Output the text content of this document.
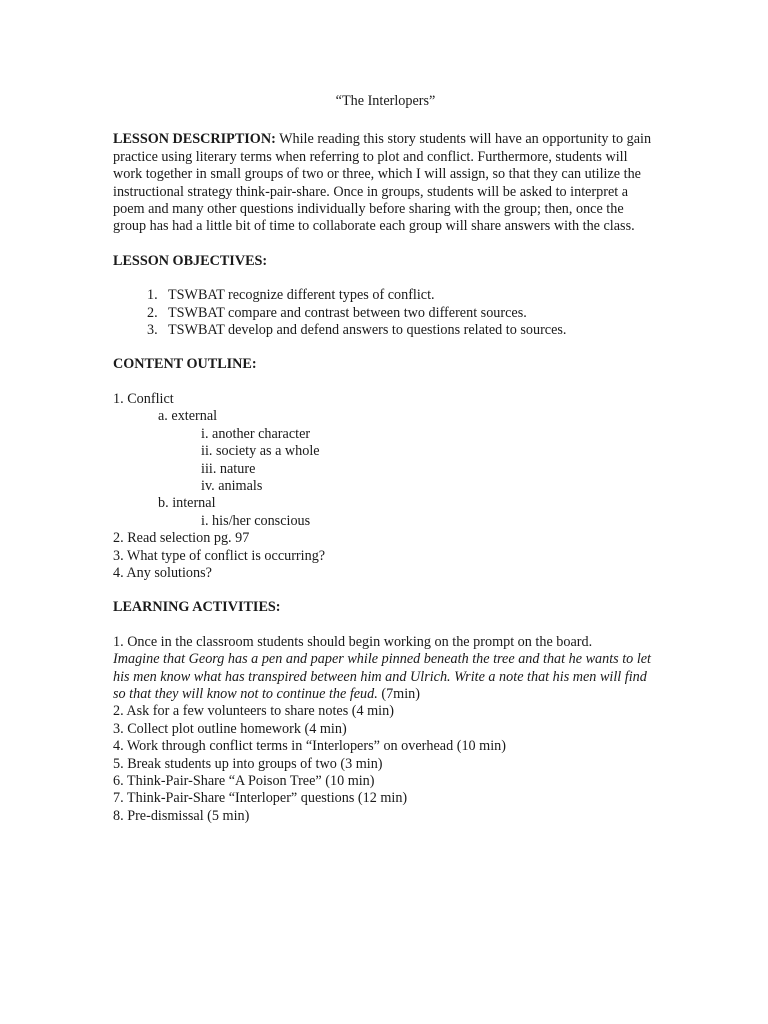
“The Interlopers”

LESSON DESCRIPTION: While reading this story students will have an opportunity to gain practice using literary terms when referring to plot and conflict. Furthermore, students will work together in small groups of two or three, which I will assign, so that they can utilize the instructional strategy think-pair-share. Once in groups, students will be asked to interpret a poem and many other questions individually before sharing with the group; then, once the group has had a little bit of time to collaborate each group will share answers with the class.

LESSON OBJECTIVES:
1. TSWBAT recognize different types of conflict.
2. TSWBAT compare and contrast between two different sources.
3. TSWBAT develop and defend answers to questions related to sources.
CONTENT OUTLINE:
1. Conflict
a. external
i. another character
ii. society as a whole
iii. nature
iv. animals
b. internal
i. his/her conscious
2. Read selection pg. 97
3. What type of conflict is occurring?
4. Any solutions?
LEARNING ACTIVITIES:
1. Once in the classroom students should begin working on the prompt on the board.
Imagine that Georg has a pen and paper while pinned beneath the tree and that he wants to let his men know what has transpired between him and Ulrich. Write a note that his men will find so that they will know not to continue the feud. (7min)
2. Ask for a few volunteers to share notes (4 min)
3. Collect plot outline homework (4 min)
4. Work through conflict terms in “Interlopers” on overhead (10 min)
5. Break students up into groups of two (3 min)
6. Think-Pair-Share “A Poison Tree” (10 min)
7. Think-Pair-Share “Interloper” questions (12 min)
8. Pre-dismissal (5 min)
